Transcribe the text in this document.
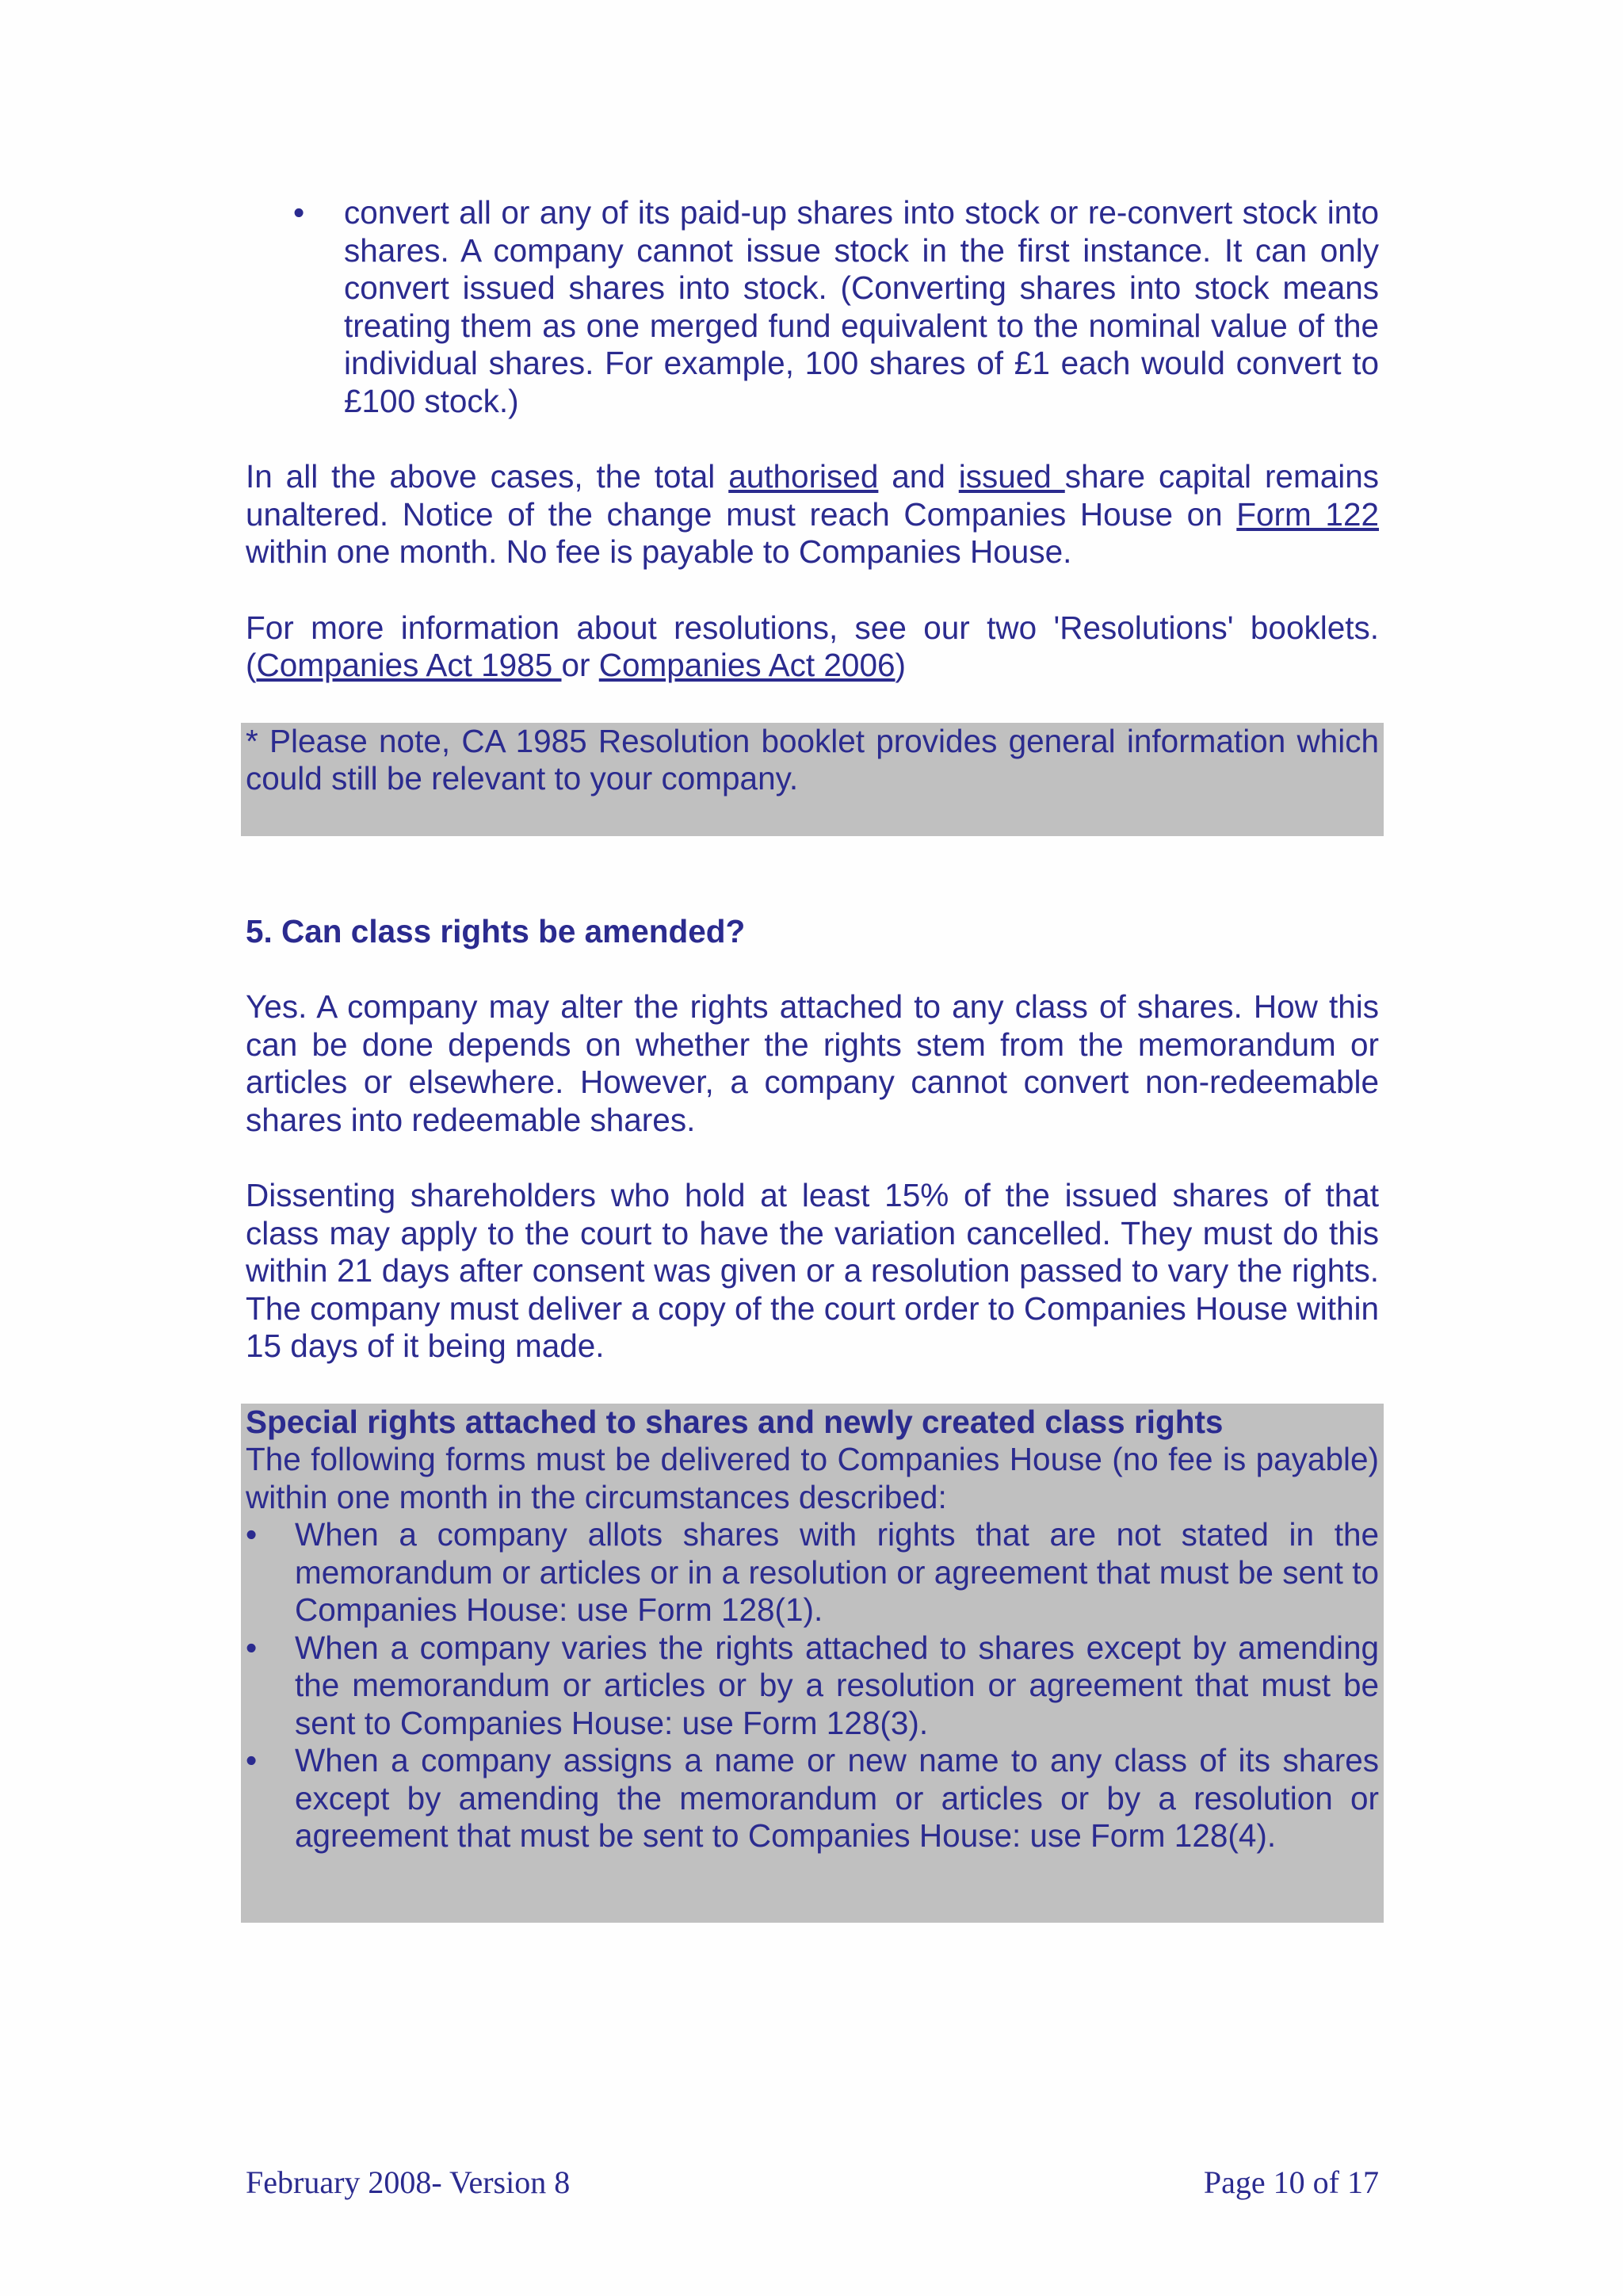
• convert all or any of its paid-up shares into stock or re-convert stock into shares. A company cannot issue stock in the first instance. It can only convert issued shares into stock. (Converting shares into stock means treating them as one merged fund equivalent to the nominal value of the individual shares. For example, 100 shares of £1 each would convert to £100 stock.)

In all the above cases, the total authorised and issued share capital remains unaltered. Notice of the change must reach Companies House on Form 122 within one month. No fee is payable to Companies House.

For more information about resolutions, see our two 'Resolutions' booklets. (Companies Act 1985 or Companies Act 2006)

* Please note, CA 1985 Resolution booklet provides general information which could still be relevant to your company.

5. Can class rights be amended?

Yes. A company may alter the rights attached to any class of shares. How this can be done depends on whether the rights stem from the memorandum or articles or elsewhere. However, a company cannot convert non-redeemable shares into redeemable shares.

Dissenting shareholders who hold at least 15% of the issued shares of that class may apply to the court to have the variation cancelled. They must do this within 21 days after consent was given or a resolution passed to vary the rights. The company must deliver a copy of the court order to Companies House within 15 days of it being made.

Special rights attached to shares and newly created class rights

The following forms must be delivered to Companies House (no fee is payable) within one month in the circumstances described:

• When a company allots shares with rights that are not stated in the memorandum or articles or in a resolution or agreement that must be sent to Companies House: use Form 128(1).
• When a company varies the rights attached to shares except by amending the memorandum or articles or by a resolution or agreement that must be sent to Companies House: use Form 128(3).
• When a company assigns a name or new name to any class of its shares except by amending the memorandum or articles or by a resolution or agreement that must be sent to Companies House: use Form 128(4).
February 2008- Version 8	Page 10 of 17
